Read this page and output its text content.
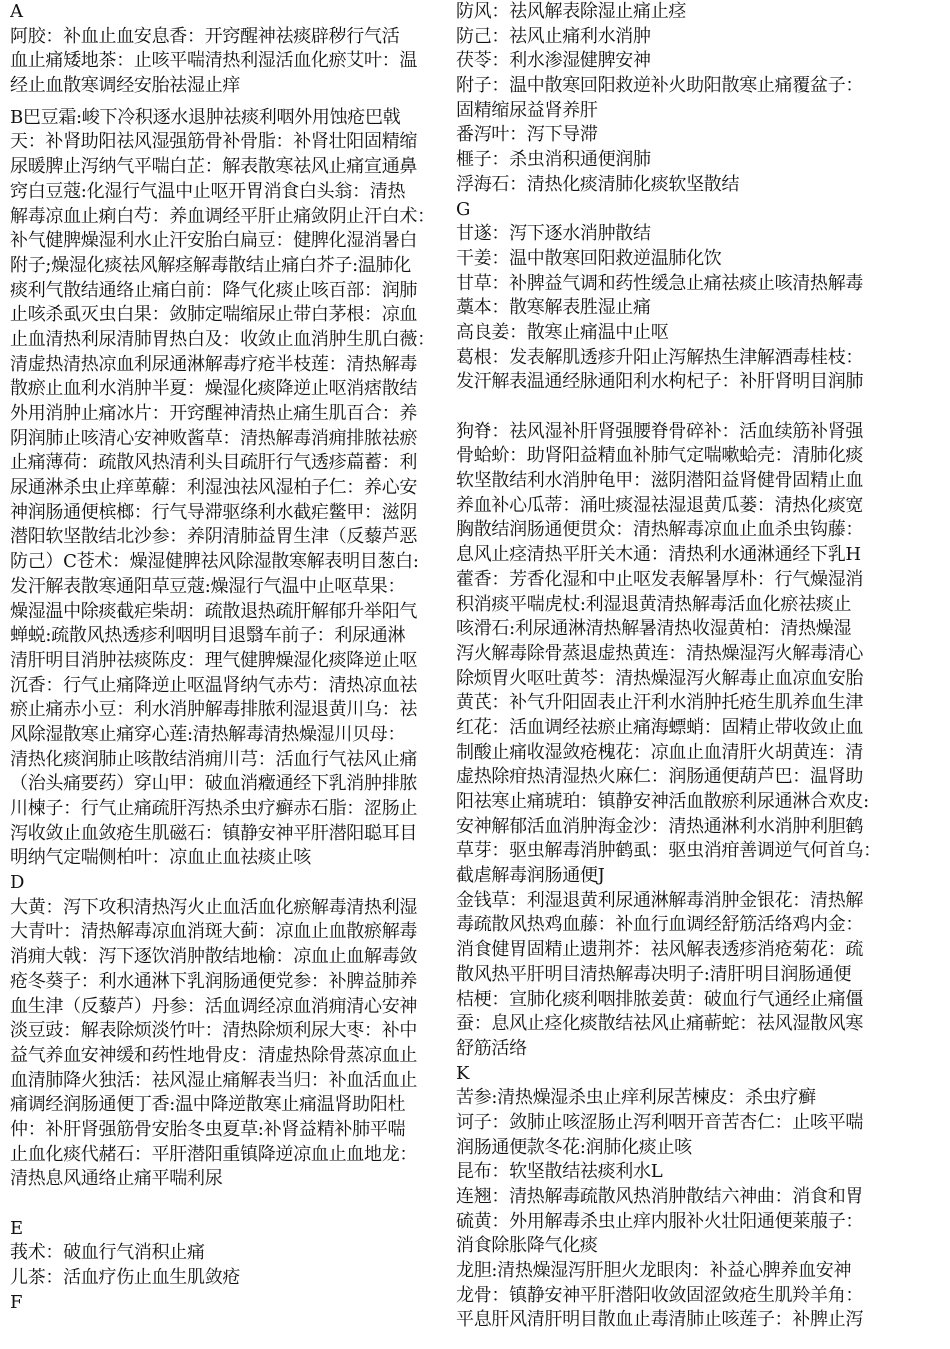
A
阿胶：补血止血安息香：开窍醒神祛痰辟秽行气活
血止痛矮地茶：止咳平喘清热利湿活血化瘀艾叶：温
经止血散寒调经安胎祛湿止痒
B巴豆霜:峻下冷积逐水退肿祛痰利咽外用蚀疮巴戟
天：补肾助阳祛风湿强筋骨补骨脂：补肾壮阳固精缩
尿暖脾止泻纳气平喘白芷：解表散寒祛风止痛宣通鼻
窍白豆蔻:化湿行气温中止呕开胃消食白头翁：清热
解毒凉血止痢白芍：养血调经平肝止痛敛阴止汗白术：
补气健脾燥湿利水止汗安胎白扁豆：健脾化湿消暑白
附子;燥湿化痰祛风解痉解毒散结止痛白芥子:温肺化
痰利气散结通络止痛白前：降气化痰止咳百部：润肺
止咳杀虱灭虫白果：敛肺定喘缩尿止带白茅根：凉血
止血清热利尿清肺胃热白及：收敛止血消肿生肌白薇：
清虚热清热凉血利尿通淋解毒疗疮半枝莲：清热解毒
散瘀止血利水消肿半夏：燥湿化痰降逆止呕消痞散结
外用消肿止痛冰片：开窍醒神清热止痛生肌百合：养
阴润肺止咳清心安神败酱草：清热解毒消痈排脓祛瘀
止痛薄荷：疏散风热清利头目疏肝行气透疹萹蓄：利
尿通淋杀虫止痒萆薢：利湿浊祛风湿柏子仁：养心安
神润肠通便槟榔：行气导滞驱绦利水截疟鳖甲：滋阴
潜阳软坚散结北沙参：养阴清肺益胃生津（反藜芦恶
防己）C苍术：燥湿健脾祛风除湿散寒解表明目葱白:
发汗解表散寒通阳草豆蔻:燥湿行气温中止呕草果：
燥湿温中除痰截疟柴胡：疏散退热疏肝解郁升举阳气
蝉蜕:疏散风热透疹利咽明目退翳车前子：利尿通淋
清肝明目消肿祛痰陈皮：理气健脾燥湿化痰降逆止呕
沉香：行气止痛降逆止呕温肾纳气赤芍：清热凉血祛
瘀止痛赤小豆：利水消肿解毒排脓利湿退黄川乌：祛
风除湿散寒止痛穿心莲:清热解毒清热燥湿川贝母：
清热化痰润肺止咳散结消痈川芎：活血行气祛风止痛
（治头痛要药）穿山甲：破血消癥通经下乳消肿排脓
川楝子：行气止痛疏肝泻热杀虫疗癣赤石脂：涩肠止
泻收敛止血敛疮生肌磁石：镇静安神平肝潜阳聪耳目
明纳气定喘侧柏叶：凉血止血祛痰止咳
D
大黄：泻下攻积清热泻火止血活血化瘀解毒清热利湿
大青叶：清热解毒凉血消斑大蓟：凉血止血散瘀解毒
消痈大戟：泻下逐饮消肿散结地榆：凉血止血解毒敛
疮冬葵子：利水通淋下乳润肠通便党参：补脾益肺养
血生津（反藜芦）丹参：活血调经凉血消痈清心安神
淡豆豉：解表除烦淡竹叶：清热除烦利尿大枣：补中
益气养血安神缓和药性地骨皮：清虚热除骨蒸凉血止
血清肺降火独活：祛风湿止痛解表当归：补血活血止
痛调经润肠通便丁香:温中降逆散寒止痛温肾助阳杜
仲：补肝肾强筋骨安胎冬虫夏草:补肾益精补肺平喘
止血化痰代赭石：平肝潜阳重镇降逆凉血止血地龙：
清热息风通络止痛平喘利尿
E
莪术：破血行气消积止痛
儿茶：活血疗伤止血生肌敛疮
F
防风：祛风解表除湿止痛止痉
防己：祛风止痛利水消肿
茯苓：利水渗湿健脾安神
附子：温中散寒回阳救逆补火助阳散寒止痛覆盆子：
固精缩尿益肾养肝
番泻叶：泻下导滞
榧子：杀虫消积通便润肺
浮海石：清热化痰清肺化痰软坚散结
G
甘遂：泻下逐水消肿散结
干姜：温中散寒回阳救逆温肺化饮
甘草：补脾益气调和药性缓急止痛祛痰止咳清热解毒
藁本：散寒解表胜湿止痛
高良姜：散寒止痛温中止呕
葛根：发表解肌透疹升阳止泻解热生津解酒毒桂枝：
发汗解表温通经脉通阳利水枸杞子：补肝肾明目润肺
狗脊：祛风湿补肝肾强腰脊骨碎补：活血续筋补肾强
骨蛤蚧：助肾阳益精血补肺气定喘嗽蛤壳：清肺化痰
软坚散结利水消肿龟甲：滋阴潜阳益肾健骨固精止血
养血补心瓜蒂：涌吐痰湿祛湿退黄瓜蒌：清热化痰宽
胸散结润肠通便贯众：清热解毒凉血止血杀虫钩藤：
息风止痉清热平肝关木通：清热利水通淋通经下乳H
藿香：芳香化湿和中止呕发表解暑厚朴：行气燥湿消
积消痰平喘虎杖:利湿退黄清热解毒活血化瘀祛痰止
咳滑石:利尿通淋清热解暑清热收湿黄柏：清热燥湿
泻火解毒除骨蒸退虚热黄连：清热燥湿泻火解毒清心
除烦胃火呕吐黄芩：清热燥湿泻火解毒止血凉血安胎
黄芪：补气升阳固表止汗利水消肿托疮生肌养血生津
红花：活血调经祛瘀止痛海螵蛸：固精止带收敛止血
制酸止痛收湿敛疮槐花：凉血止血清肝火胡黄连：清
虚热除疳热清湿热火麻仁：润肠通便葫芦巴：温肾助
阳祛寒止痛琥珀：镇静安神活血散瘀利尿通淋合欢皮:
安神解郁活血消肿海金沙：清热通淋利水消肿利胆鹤
草芽：驱虫解毒消肿鹤虱：驱虫消疳善调逆气何首乌：
截虐解毒润肠通便J
金钱草：利湿退黄利尿通淋解毒消肿金银花：清热解
毒疏散风热鸡血藤：补血行血调经舒筋活络鸡内金：
消食健胃固精止遗荆芥：祛风解表透疹消疮菊花：疏
散风热平肝明目清热解毒决明子:清肝明目润肠通便
桔梗：宣肺化痰利咽排脓姜黄：破血行气通经止痛僵
蚕：息风止痉化痰散结祛风止痛蕲蛇：祛风湿散风寒
舒筋活络
K
苦参:清热燥湿杀虫止痒利尿苦楝皮：杀虫疗癣
诃子：敛肺止咳涩肠止泻利咽开音苦杏仁：止咳平喘
润肠通便款冬花:润肺化痰止咳
昆布：软坚散结祛痰利水L
连翘：清热解毒疏散风热消肿散结六神曲：消食和胃
硫黄：外用解毒杀虫止痒内服补火壮阳通便莱菔子：
消食除胀降气化痰
龙胆:清热燥湿泻肝胆火龙眼肉：补益心脾养血安神
龙骨：镇静安神平肝潜阳收敛固涩敛疮生肌羚羊角：
平息肝风清肝明目散血止毒清肺止咳莲子：补脾止泻
